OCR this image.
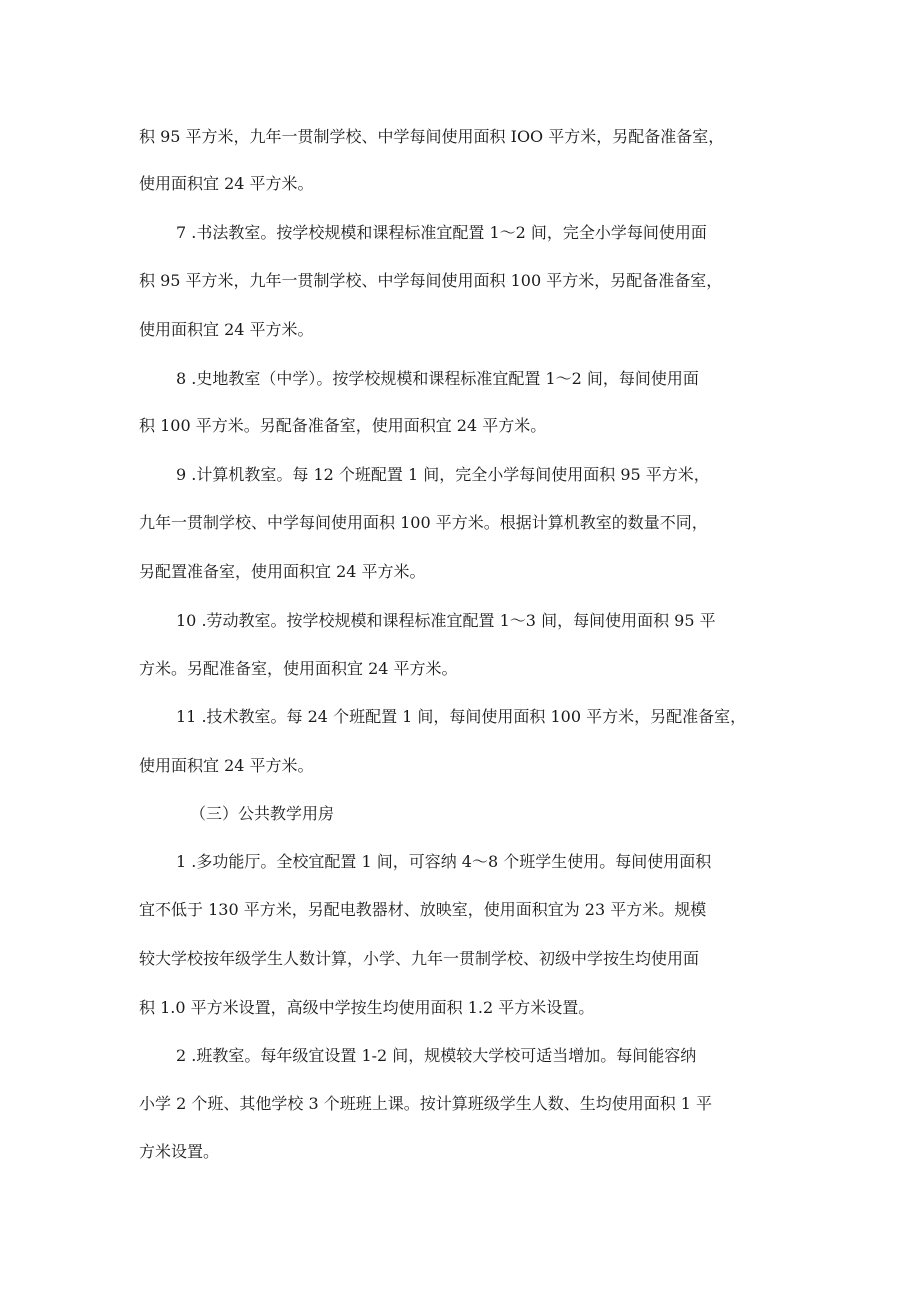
积 95 平方米，九年一贯制学校、中学每间使用面积 IOO 平方米，另配备准备室，
使用面积宜 24 平方米。
7 .书法教室。按学校规模和课程标准宜配置 1～2 间，完全小学每间使用面
积 95 平方米，九年一贯制学校、中学每间使用面积 100 平方米，另配备准备室，
使用面积宜 24 平方米。
8 .史地教室（中学）。按学校规模和课程标准宜配置 1～2 间，每间使用面
积 100 平方米。另配备准备室，使用面积宜 24 平方米。
9 .计算机教室。每 12 个班配置 1 间，完全小学每间使用面积 95 平方米，
九年一贯制学校、中学每间使用面积 100 平方米。根据计算机教室的数量不同，
另配置准备室，使用面积宜 24 平方米。
10 .劳动教室。按学校规模和课程标准宜配置 1～3 间，每间使用面积 95 平
方米。另配准备室，使用面积宜 24 平方米。
11 .技术教室。每 24 个班配置 1 间，每间使用面积 100 平方米，另配准备室，
使用面积宜 24 平方米。
（三）公共教学用房
1 .多功能厅。全校宜配置 1 间，可容纳 4～8 个班学生使用。每间使用面积
宜不低于 130 平方米，另配电教器材、放映室，使用面积宜为 23 平方米。规模
较大学校按年级学生人数计算，小学、九年一贯制学校、初级中学按生均使用面
积 1.0 平方米设置，高级中学按生均使用面积 1.2 平方米设置。
2 .班教室。每年级宜设置 1-2 间，规模较大学校可适当增加。每间能容纳
小学 2 个班、其他学校 3 个班班上课。按计算班级学生人数、生均使用面积 1 平
方米设置。
